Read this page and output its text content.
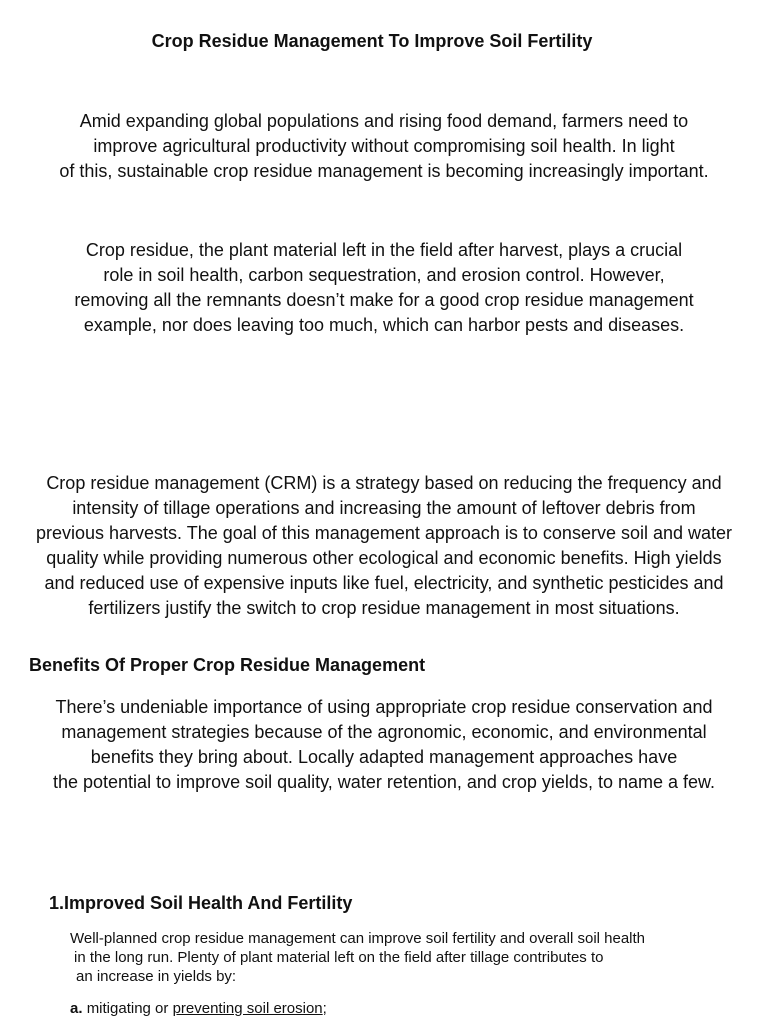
Crop Residue Management To Improve Soil Fertility
Amid expanding global populations and rising food demand, farmers need to
improve agricultural productivity without compromising soil health. In light
of this, sustainable crop residue management is becoming increasingly important.
Crop residue, the plant material left in the field after harvest, plays a crucial
role in soil health, carbon sequestration, and erosion control. However,
removing all the remnants doesn’t make for a good crop residue management
example, nor does leaving too much, which can harbor pests and diseases.
Crop residue management (CRM) is a strategy based on reducing the frequency and
intensity of tillage operations and increasing the amount of leftover debris from
previous harvests. The goal of this management approach is to conserve soil and water
quality while providing numerous other ecological and economic benefits. High yields
and reduced use of expensive inputs like fuel, electricity, and synthetic pesticides and
fertilizers justify the switch to crop residue management in most situations.
Benefits Of Proper Crop Residue Management
There’s undeniable importance of using appropriate crop residue conservation and
management strategies because of the agronomic, economic, and environmental
benefits they bring about. Locally adapted management approaches have
the potential to improve soil quality, water retention, and crop yields, to name a few.
1.Improved Soil Health And Fertility
Well-planned crop residue management can improve soil fertility and overall soil health
in the long run. Plenty of plant material left on the field after tillage contributes to
an increase in yields by:
a. mitigating or preventing soil erosion;
